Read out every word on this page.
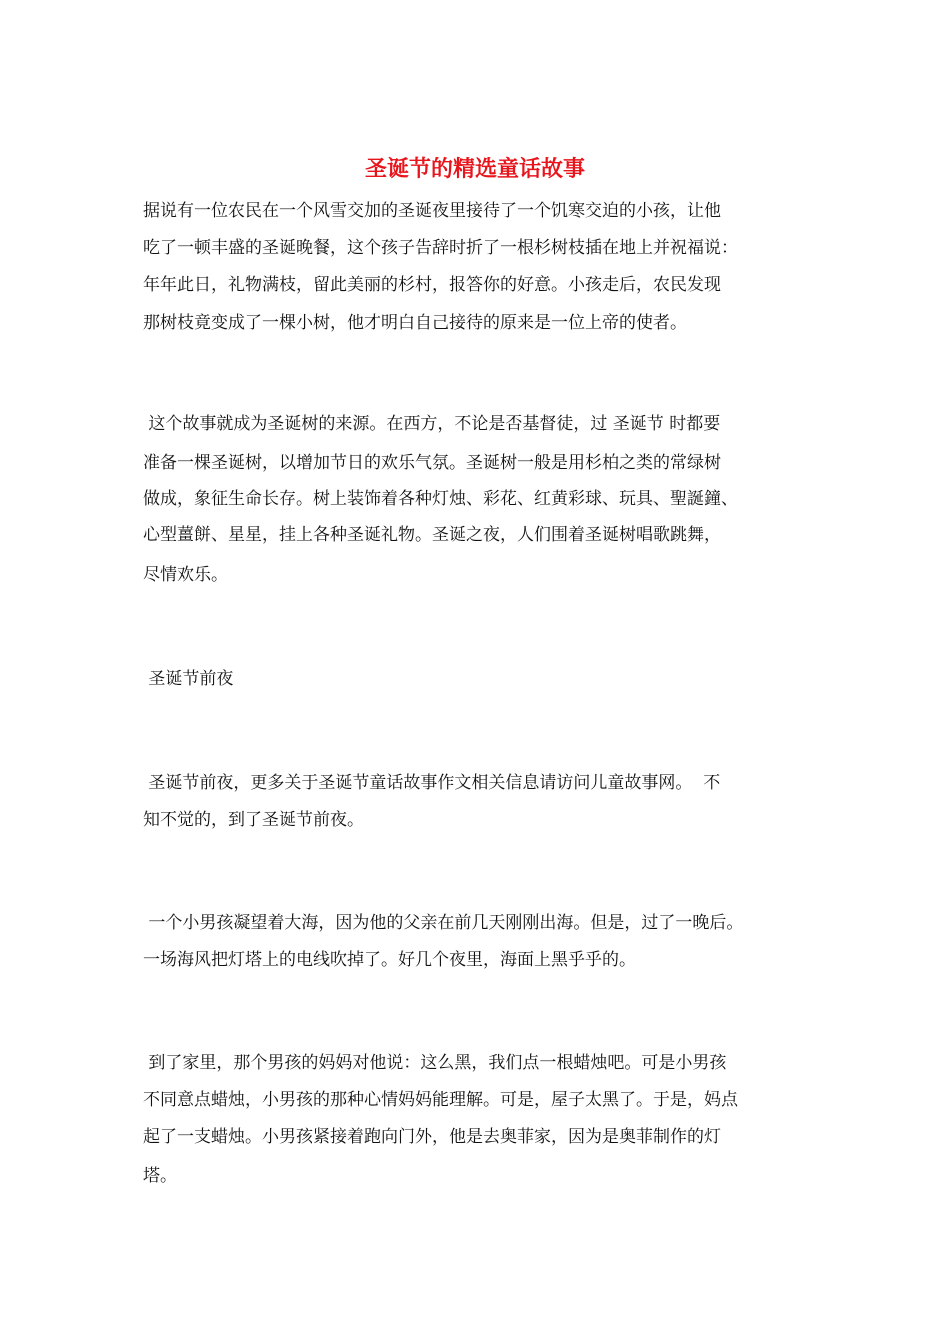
圣诞节的精选童话故事

据说有一位农民在一个风雪交加的圣诞夜里接待了一个饥寒交迫的小孩，让他

吃了一顿丰盛的圣诞晚餐，这个孩子告辞时折了一根杉树枝插在地上并祝福说：

年年此日，礼物满枝，留此美丽的杉村，报答你的好意。小孩走后，农民发现

那树枝竟变成了一棵小树，他才明白自己接待的原来是一位上帝的使者。

这个故事就成为圣诞树的来源。在西方，不论是否基督徒，过 圣诞节 时都要

准备一棵圣诞树，以增加节日的欢乐气氛。圣诞树一般是用杉柏之类的常绿树

做成，象征生命长存。树上装饰着各种灯烛、彩花、红黄彩球、玩具、聖誕鐘、

心型薑餅、星星，挂上各种圣诞礼物。圣诞之夜，人们围着圣诞树唱歌跳舞，

尽情欢乐。

圣诞节前夜

圣诞节前夜，更多关于圣诞节童话故事作文相关信息请访问儿童故事网。  不

知不觉的，到了圣诞节前夜。

一个小男孩凝望着大海，因为他的父亲在前几天刚刚出海。但是，过了一晚后。

一场海风把灯塔上的电线吹掉了。好几个夜里，海面上黑乎乎的。

到了家里，那个男孩的妈妈对他说：这么黑，我们点一根蜡烛吧。可是小男孩

不同意点蜡烛，小男孩的那种心情妈妈能理解。可是，屋子太黑了。于是，妈点

起了一支蜡烛。小男孩紧接着跑向门外，他是去奥菲家，因为是奥菲制作的灯

塔。
